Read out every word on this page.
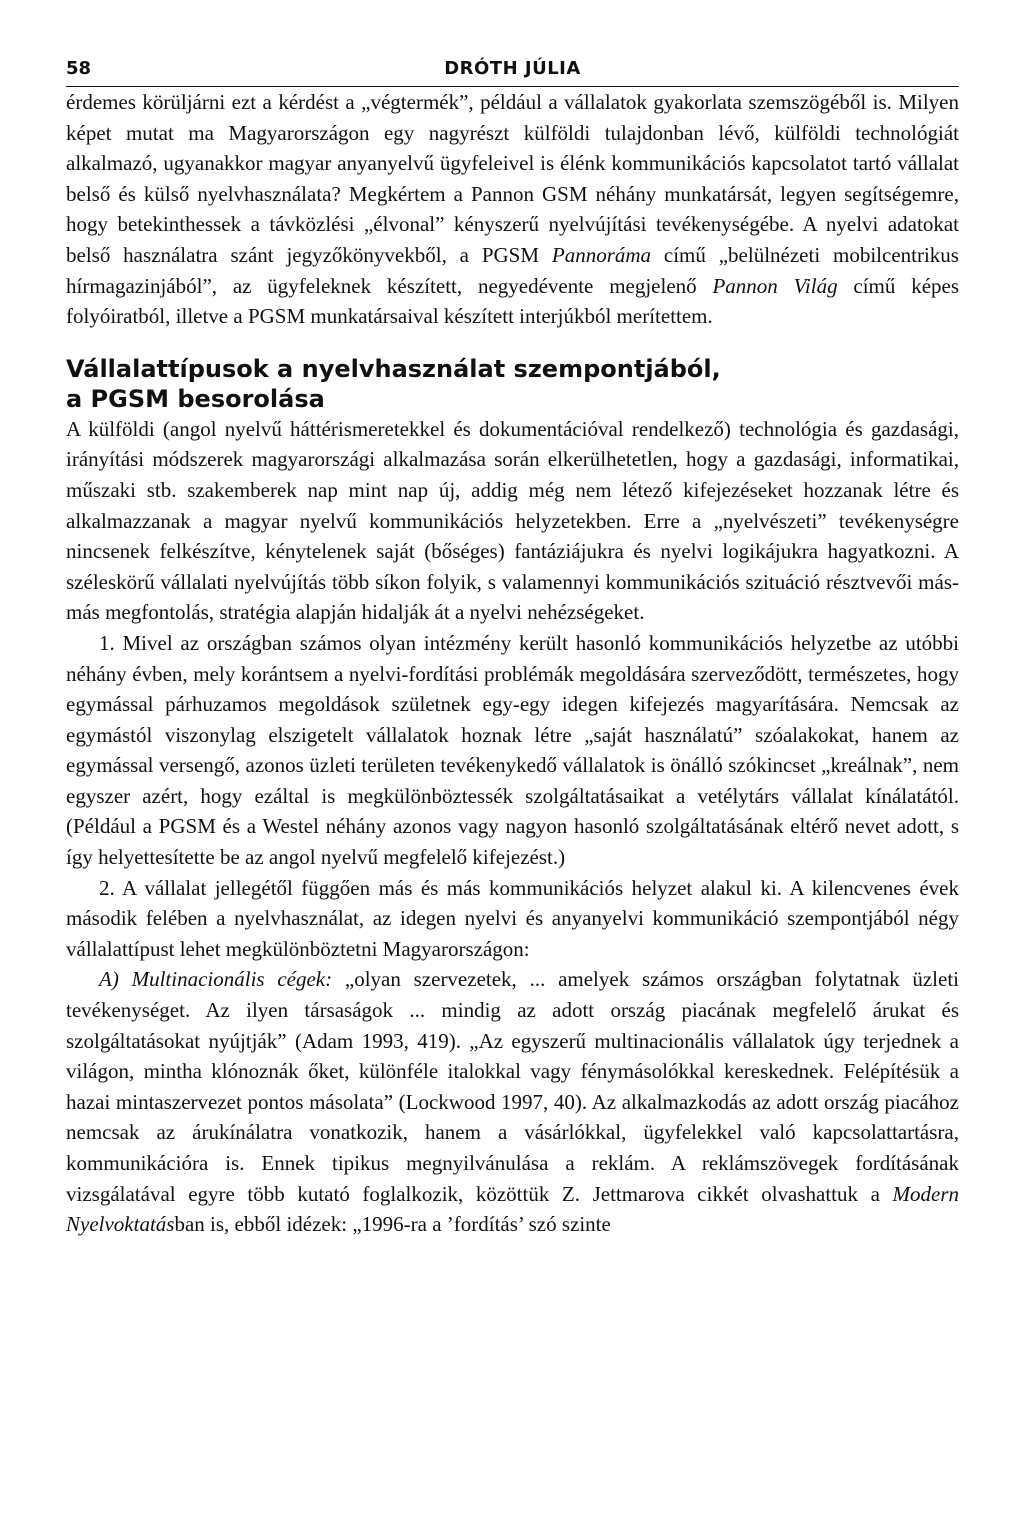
58	DRÓTH JÚLIA

érdemes körüljárni ezt a kérdést a „végtermék”, például a vállalatok gyakorlata szemszögéből is. Milyen képet mutat ma Magyarországon egy nagyrészt külföldi tulajdonban lévő, külföldi technológiát alkalmazó, ugyanakkor magyar anyanyelvű ügyfeleivel is élénk kommunikációs kapcsolatot tartó vállalat belső és külső nyelvhasználata? Megkértem a Pannon GSM néhány munkatársát, legyen segítségemre, hogy betekinthessek a távközlési „élvonal” kényszerű nyelvújítási tevékenységébe. A nyelvi adatokat belső használatra szánt jegyzőkönyvekből, a PGSM Pannoráma című „belülnézeti mobilcentrikus hírmagazinjából”, az ügyfeleknek készített, negyedévente megjelenő Pannon Világ című képes folyóiratból, illetve a PGSM munkatársaival készített interjúkból merítettem.

Vállalattípusok a nyelvhasználat szempontjából,
a PGSM besorolása

A külföldi (angol nyelvű háttérismeretekkel és dokumentációval rendelkező) technológia és gazdasági, irányítási módszerek magyarországi alkalmazása során elkerülhetetlen, hogy a gazdasági, informatikai, műszaki stb. szakemberek nap mint nap új, addig még nem létező kifejezéseket hozzanak létre és alkalmazzanak a magyar nyelvű kommunikációs helyzetekben. Erre a „nyelvészeti” tevékenységre nincsenek felkészítve, kénytelenek saját (bőséges) fantáziájukra és nyelvi logikájukra hagyatkozni. A széleskörű vállalati nyelvújítás több síkon folyik, s valamennyi kommunikációs szituáció résztvevői más-más megfontolás, stratégia alapján hidalják át a nyelvi nehézségeket.

1. Mivel az országban számos olyan intézmény került hasonló kommunikációs helyzetbe az utóbbi néhány évben, mely korántsem a nyelvi-fordítási problémák megoldására szerveződött, természetes, hogy egymással párhuzamos megoldások születnek egy-egy idegen kifejezés magyarítására. Nemcsak az egymástól viszonylag elszigetelt vállalatok hoznak létre „saját használatú” szóalakokat, hanem az egymással versengő, azonos üzleti területen tevékenykedő vállalatok is önálló szókincset „kreálnak”, nem egyszer azért, hogy ezáltal is megkülönböztessék szolgáltatásaikat a vetélytárs vállalat kínálatától. (Például a PGSM és a Westel néhány azonos vagy nagyon hasonló szolgáltatásának eltérő nevet adott, s így helyettesítette be az angol nyelvű megfelelő kifejezést.)

2. A vállalat jellegétől függően más és más kommunikációs helyzet alakul ki. A kilencvenes évek második felében a nyelvhasználat, az idegen nyelvi és anyanyelvi kommunikáció szempontjából négy vállalattípust lehet megkülönböztetni Magyarországon:

A) Multinacionális cégek: „olyan szervezetek, ... amelyek számos országban folytatnak üzleti tevékenységet. Az ilyen társaságok ... mindig az adott ország piacának megfelelő árukat és szolgáltatásokat nyújtják” (Adam 1993, 419). „Az egyszerű multinacionális vállalatok úgy terjednek a világon, mintha klónoznák őket, különféle italokkal vagy fénymásolókkal kereskednek. Felépítésük a hazai mintaszervezet pontos másolata” (Lockwood 1997, 40). Az alkalmazkodás az adott ország piacához nemcsak az árukínálatra vonatkozik, hanem a vásárlókkal, ügyfelekkel való kapcsolattartásra, kommunikációra is. Ennek tipikus megnyilvánulása a reklám. A reklámszövegek fordításának vizsgálatával egyre több kutató foglalkozik, közöttük Z. Jettmarova cikkét olvashattuk a Modern Nyelvoktatásban is, ebből idézek: „1996-ra a ’fordítás’ szó szinte
